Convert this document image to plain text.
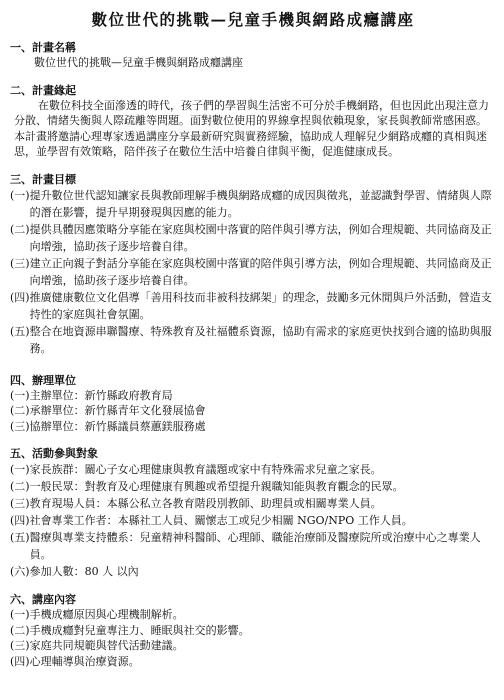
數位世代的挑戰—兒童手機與網路成癮講座
一、計畫名稱
數位世代的挑戰—兒童手機與網路成癮講座
二、計畫緣起

在數位科技全面滲透的時代，孩子們的學習與生活密不可分於手機網路，但也因此出現注意力分散、情緒失衡與人際疏離等問題。面對數位使用的界線拿捏與依賴現象，家長與教師常感困惑。本計畫將邀請心理專家透過講座分享最新研究與實務經驗，協助成人理解兒少網路成癮的真相與迷思，並學習有效策略，陪伴孩子在數位生活中培養自律與平衡，促進健康成長。

三、計畫目標
(一) 提升數位世代認知讓家長與教師理解手機與網路成癮的成因與徵兆，並認識對學習、情緒與人際的潛在影響，提升早期發現與因應的能力。
(二) 提供具體因應策略分享能在家庭與校園中落實的陪伴與引導方法，例如合理規範、共同協商及正向增強，協助孩子逐步培養自律。
(三) 建立正向親子對話分享能在家庭與校園中落實的陪伴與引導方法，例如合理規範、共同協商及正向增強，協助孩子逐步培養自律。
(四) 推廣健康數位文化倡導「善用科技而非被科技綁架」的理念，鼓勵多元休閒與戶外活動，營造支持性的家庭與社會氛圍。
(五) 整合在地資源串聯醫療、特殊教育及社福體系資源，協助有需求的家庭更快找到合適的協助與服務。
四、辦理單位
(一)主辦單位：新竹縣政府教育局
(二)承辦單位：新竹縣青年文化發展協會
(三)協辦單位：新竹縣議員蔡蕙鎂服務處
五、活動參與對象
(一) 家長族群：關心子女心理健康與教育議題或家中有特殊需求兒童之家長。
(二) 一般民眾：對教育及心理健康有興趣或希望提升親職知能與教育觀念的民眾。
(三) 教育現場人員：本縣公私立各教育階段別教師、助理員或相關專業人員。
(四) 社會專業工作者：本縣社工人員、關懷志工或兒少相關 NGO/NPO 工作人員。
(五) 醫療與專業支持體系：兒童精神科醫師、心理師、職能治療師及醫療院所或治療中心之專業人員。
(六) 參加人數：80 人 以內
六、講座內容
(一)手機成癮原因與心理機制解析。
(二)手機成癮對兒童專注力、睡眠與社交的影響。
(三)家庭共同規範與替代活動建議。
(四)心理輔導與治療資源。
